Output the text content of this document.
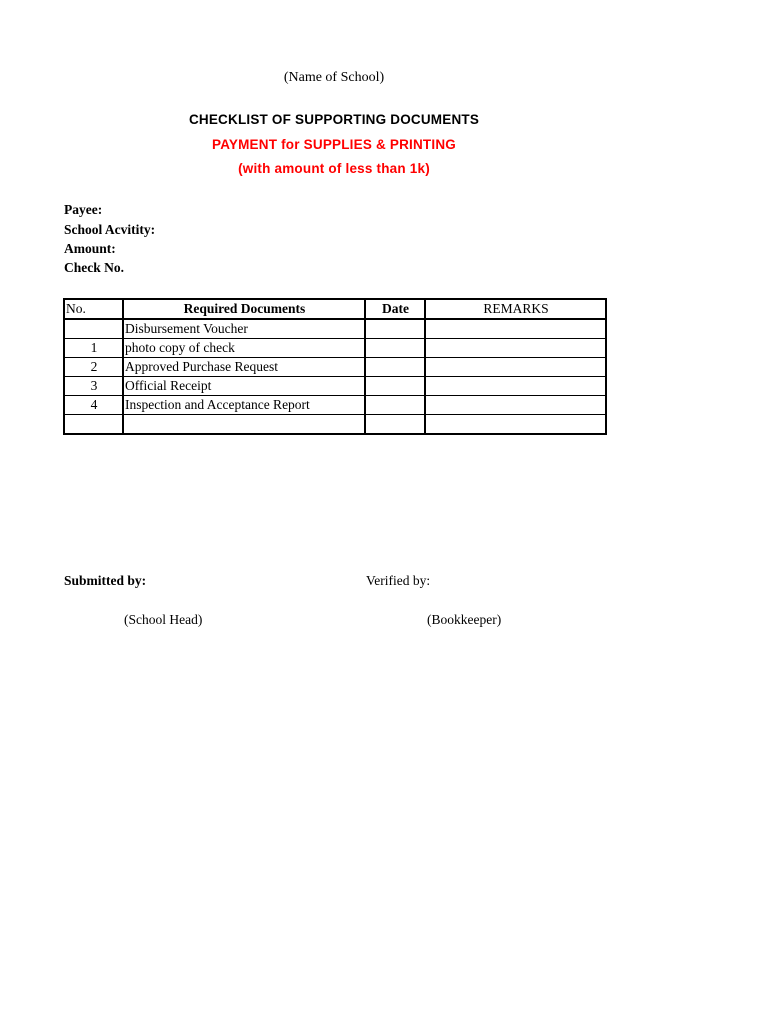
(Name of School)
CHECKLIST OF SUPPORTING DOCUMENTS
PAYMENT for SUPPLIES & PRINTING
(with amount of less than 1k)
Payee:
School Acvitity:
Amount:
Check No.
No.	Required Documents	Date	REMARKS
	Disbursement Voucher		
1	photo copy of check		
2	Approved Purchase Request		
3	Official Receipt		
4	Inspection and Acceptance Report		

Submitted by:	Verified by:
(School Head)	(Bookkeeper)
